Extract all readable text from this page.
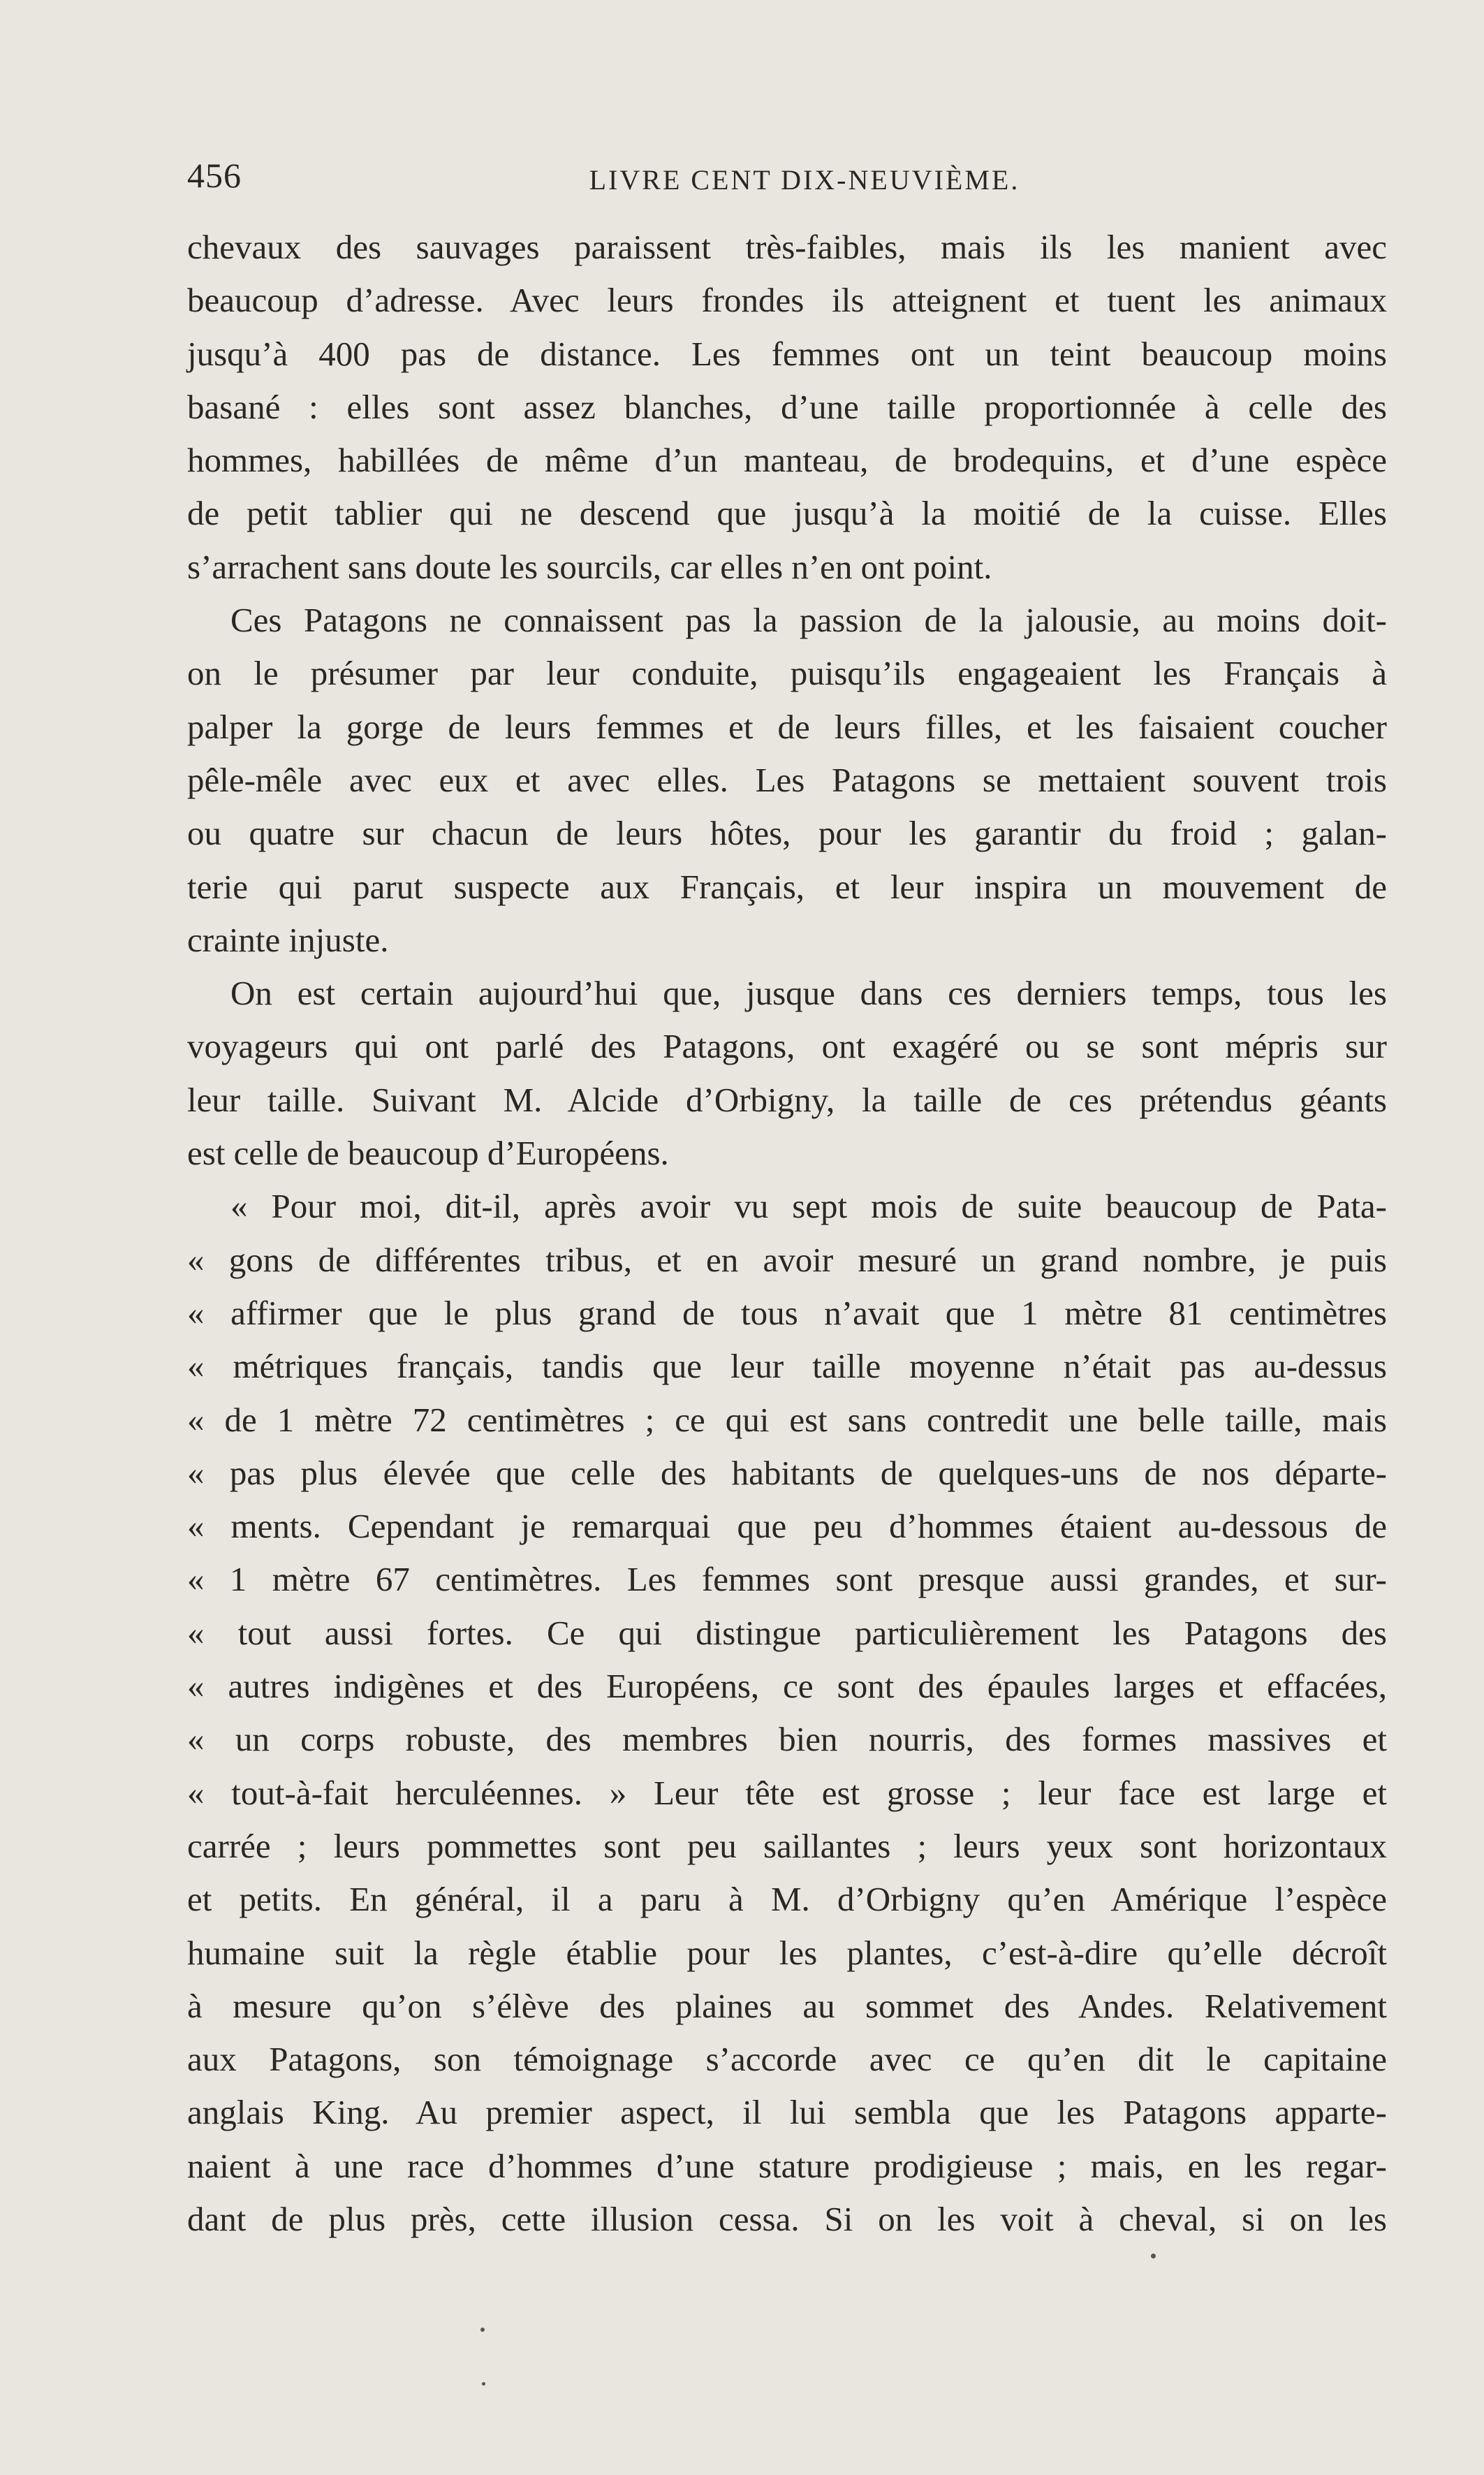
456	LIVRE CENT DIX-NEUVIÈME.
chevaux des sauvages paraissent très-faibles, mais ils les manient avec
beaucoup d’adresse. Avec leurs frondes ils atteignent et tuent les animaux
jusqu’à 400 pas de distance. Les femmes ont un teint beaucoup moins
basané : elles sont assez blanches, d’une taille proportionnée à celle des
hommes, habillées de même d’un manteau, de brodequins, et d’une espèce
de petit tablier qui ne descend que jusqu’à la moitié de la cuisse. Elles
s’arrachent sans doute les sourcils, car elles n’en ont point.
Ces Patagons ne connaissent pas la passion de la jalousie, au moins doit-
on le présumer par leur conduite, puisqu’ils engageaient les Français à
palper la gorge de leurs femmes et de leurs filles, et les faisaient coucher
pêle-mêle avec eux et avec elles. Les Patagons se mettaient souvent trois
ou quatre sur chacun de leurs hôtes, pour les garantir du froid ; galan-
terie qui parut suspecte aux Français, et leur inspira un mouvement de
crainte injuste.
On est certain aujourd’hui que, jusque dans ces derniers temps, tous les
voyageurs qui ont parlé des Patagons, ont exagéré ou se sont mépris sur
leur taille. Suivant M. Alcide d’Orbigny, la taille de ces prétendus géants
est celle de beaucoup d’Européens.
« Pour moi, dit-il, après avoir vu sept mois de suite beaucoup de Pata-
« gons de différentes tribus, et en avoir mesuré un grand nombre, je puis
« affirmer que le plus grand de tous n’avait que 1 mètre 81 centimètres
« métriques français, tandis que leur taille moyenne n’était pas au-dessus
« de 1 mètre 72 centimètres ; ce qui est sans contredit une belle taille, mais
« pas plus élevée que celle des habitants de quelques-uns de nos départe-
« ments. Cependant je remarquai que peu d’hommes étaient au-dessous de
« 1 mètre 67 centimètres. Les femmes sont presque aussi grandes, et sur-
« tout aussi fortes. Ce qui distingue particulièrement les Patagons des
« autres indigènes et des Européens, ce sont des épaules larges et effacées,
« un corps robuste, des membres bien nourris, des formes massives et
« tout-à-fait herculéennes. » Leur tête est grosse ; leur face est large et
carrée ; leurs pommettes sont peu saillantes ; leurs yeux sont horizontaux
et petits. En général, il a paru à M. d’Orbigny qu’en Amérique l’espèce
humaine suit la règle établie pour les plantes, c’est-à-dire qu’elle décroît
à mesure qu’on s’élève des plaines au sommet des Andes. Relativement
aux Patagons, son témoignage s’accorde avec ce qu’en dit le capitaine
anglais King. Au premier aspect, il lui sembla que les Patagons apparte-
naient à une race d’hommes d’une stature prodigieuse ; mais, en les regar-
dant de plus près, cette illusion cessa. Si on les voit à cheval, si on les
